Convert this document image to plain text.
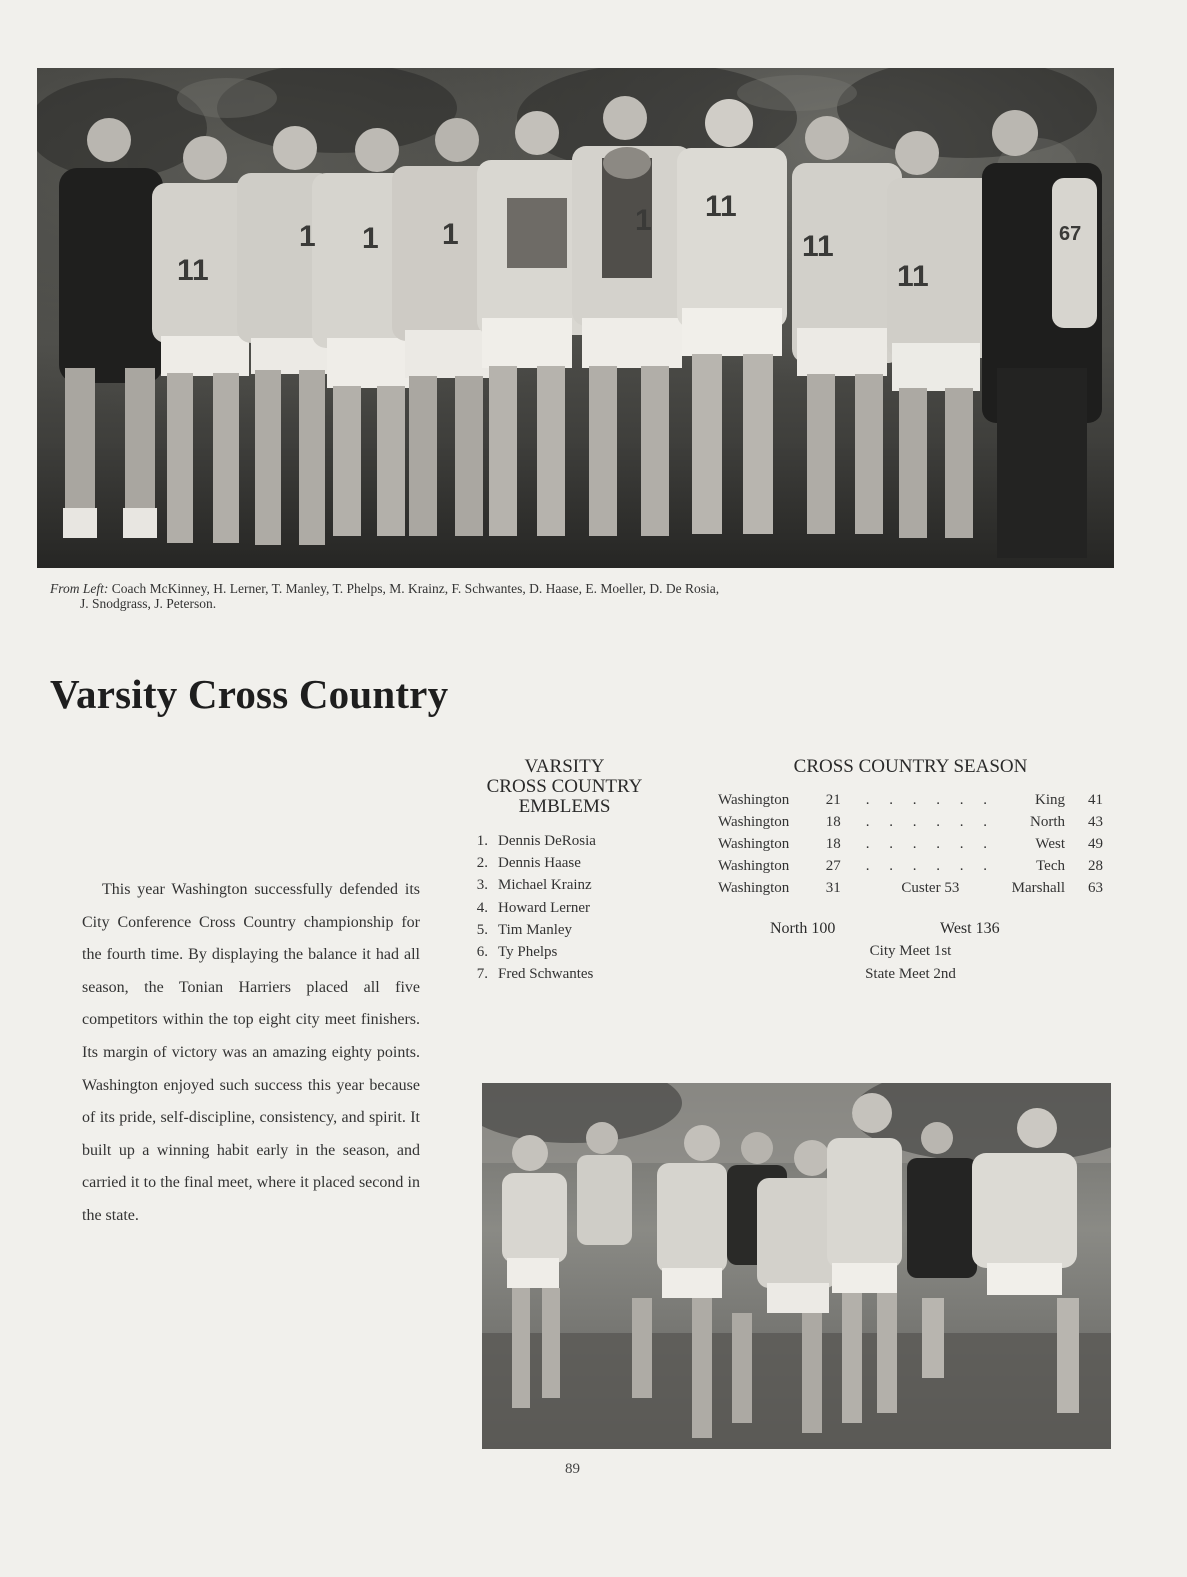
11
1 1 1	1 11
11
11
67
From Left: Coach McKinney, H. Lerner, T. Manley, T. Phelps, M. Krainz, F. Schwantes, D. Haase, E. Moeller, D. De Rosia,
J. Snodgrass, J. Peterson.
Varsity Cross Country
This year Washington successfully defended its City Conference Cross Country championship for the fourth time. By displaying the balance it had all season, the Tonian Harriers placed all five competitors within the top eight city meet finishers. Its margin of victory was an amazing eighty points. Washington enjoyed such success this year because of its pride, self-discipline, consistency, and spirit. It built up a winning habit early in the season, and carried it to the final meet, where it placed second in the state.
VARSITY
CROSS COUNTRY
EMBLEMS
1. Dennis DeRosia
2. Dennis Haase
3. Michael Krainz
4. Howard Lerner
5. Tim Manley
6. Ty Phelps
7. Fred Schwantes
CROSS COUNTRY SEASON
Washington	21	. . . . . .	King	41
Washington	18	. . . . . .	North	43
Washington	18	. . . . . .	West	49
Washington	27	. . . . . .	Tech	28
Washington	31	Custer 53	Marshall	63
North 100	West 136
City Meet 1st
State Meet 2nd
89
